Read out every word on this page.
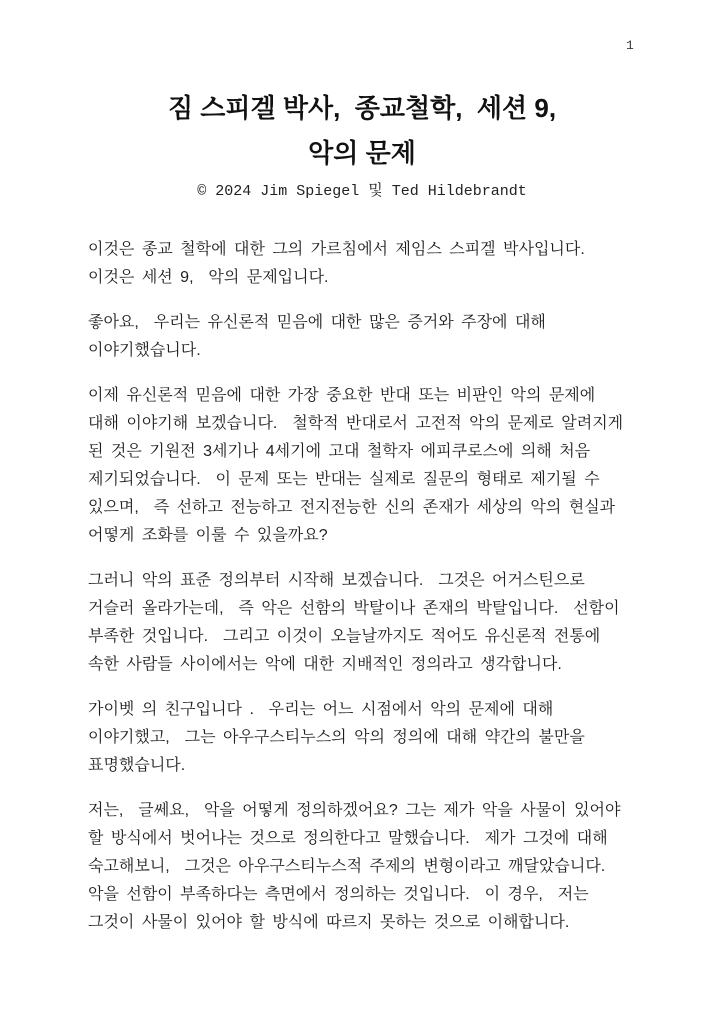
1
짐 스피겔 박사,  종교철학,  세션 9,
악의 문제
© 2024 Jim Spiegel 및 Ted Hildebrandt

이것은 종교 철학에 대한 그의 가르침에서 제임스 스피겔 박사입니다.
이것은 세션 9,  악의 문제입니다.

좋아요,  우리는 유신론적 믿음에 대한 많은 증거와 주장에 대해
이야기했습니다.

이제 유신론적 믿음에 대한 가장 중요한 반대 또는 비판인 악의 문제에
대해 이야기해 보겠습니다.  철학적 반대로서 고전적 악의 문제로 알려지게
된 것은 기원전 3세기나 4세기에 고대 철학자 에피쿠로스에 의해 처음
제기되었습니다.  이 문제 또는 반대는 실제로 질문의 형태로 제기될 수
있으며,  즉 선하고 전능하고 전지전능한 신의 존재가 세상의 악의 현실과
어떻게 조화를 이룰 수 있을까요?

그러니 악의 표준 정의부터 시작해 보겠습니다.  그것은 어거스틴으로
거슬러 올라가는데,  즉 악은 선함의 박탈이나 존재의 박탈입니다.  선함이
부족한 것입니다.  그리고 이것이 오늘날까지도 적어도 유신론적 전통에
속한 사람들 사이에서는 악에 대한 지배적인 정의라고 생각합니다.

가이벳 의 친구입니다 .  우리는 어느 시점에서 악의 문제에 대해
이야기했고,  그는 아우구스티누스의 악의 정의에 대해 약간의 불만을
표명했습니다.

저는,  글쎄요,  악을 어떻게 정의하겠어요? 그는 제가 악을 사물이 있어야
할 방식에서 벗어나는 것으로 정의한다고 말했습니다.  제가 그것에 대해
숙고해보니,  그것은 아우구스티누스적 주제의 변형이라고 깨달았습니다.
악을 선함이 부족하다는 측면에서 정의하는 것입니다.  이 경우,  저는
그것이 사물이 있어야 할 방식에 따르지 못하는 것으로 이해합니다.
